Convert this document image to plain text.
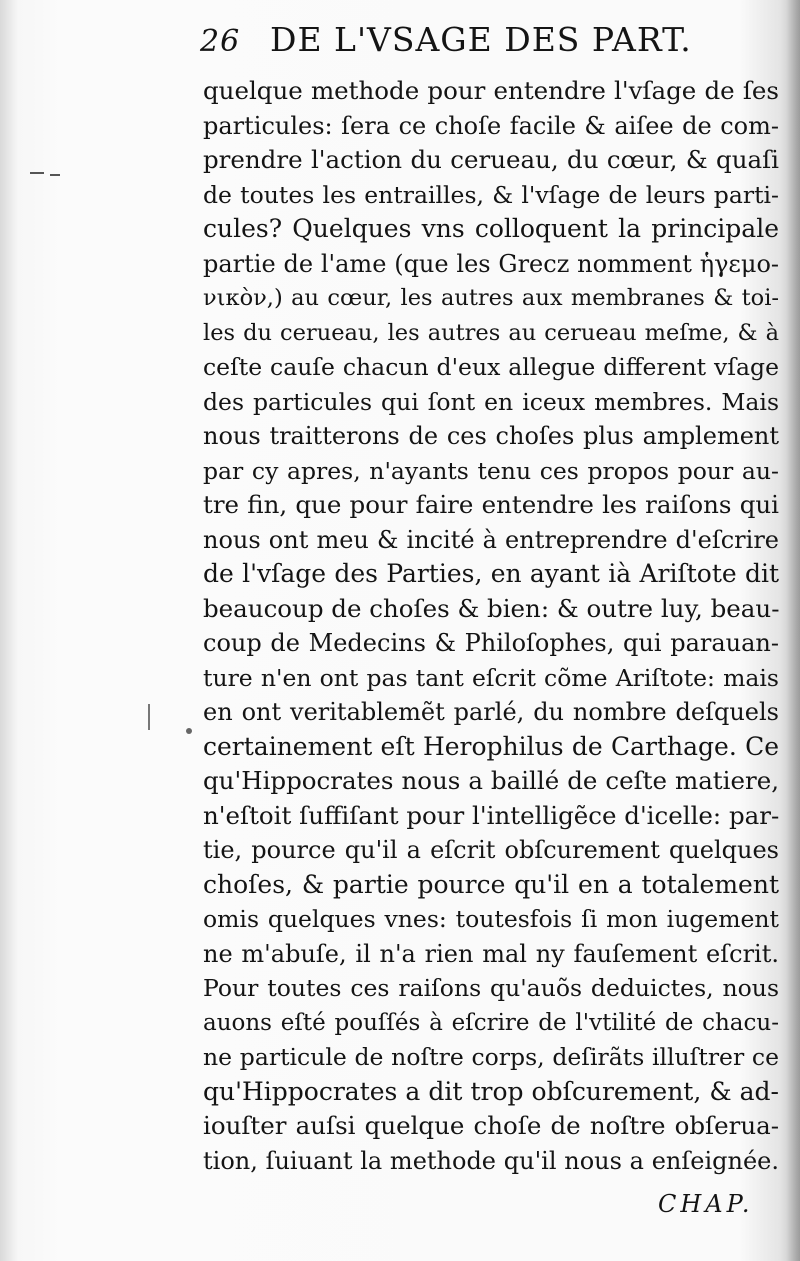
26 DE L'VSAGE DES PART.
quelque methode pour entendre l'vſage de ſes
particules: ſera ce choſe facile & aiſee de com-
prendre l'action du cerueau, du cœur, & quaſi
de toutes les entrailles, & l'vſage de leurs parti-
cules? Quelques vns colloquent la principale
partie de l'ame (que les Grecz nomment ἡγεμο-
νικὸν,) au cœur, les autres aux membranes & toi-
les du cerueau, les autres au cerueau meſme, & à
ceſte cauſe chacun d'eux allegue different vſage
des particules qui ſont en iceux membres. Mais
nous traitterons de ces choſes plus amplement
par cy apres, n'ayants tenu ces propos pour au-
tre fin, que pour faire entendre les raiſons qui
nous ont meu & incité à entreprendre d'eſcrire
de l'vſage des Parties, en ayant ià Ariſtote dit
beaucoup de choſes & bien: & outre luy, beau-
coup de Medecins & Philoſophes, qui parauan-
ture n'en ont pas tant eſcrit cõme Ariſtote: mais
en ont veritablemẽt parlé, du nombre deſquels
certainement eſt Herophilus de Carthage. Ce
qu'Hippocrates nous a baillé de ceſte matiere,
n'eſtoit ſuffiſant pour l'intelligẽce d'icelle: par-
tie, pource qu'il a eſcrit obſcurement quelques
choſes, & partie pource qu'il en a totalement
omis quelques vnes: toutesfois ſi mon iugement
ne m'abuſe, il n'a rien mal ny fauſement eſcrit.
Pour toutes ces raiſons qu'auõs deduictes, nous
auons eſté pouſſés à eſcrire de l'vtilité de chacu-
ne particule de noſtre corps, deſirãts illuſtrer ce
qu'Hippocrates a dit trop obſcurement, & ad-
iouſter auſsi quelque choſe de noſtre obſerua-
tion, ſuiuant la methode qu'il nous a enſeignée.
CHAP.
